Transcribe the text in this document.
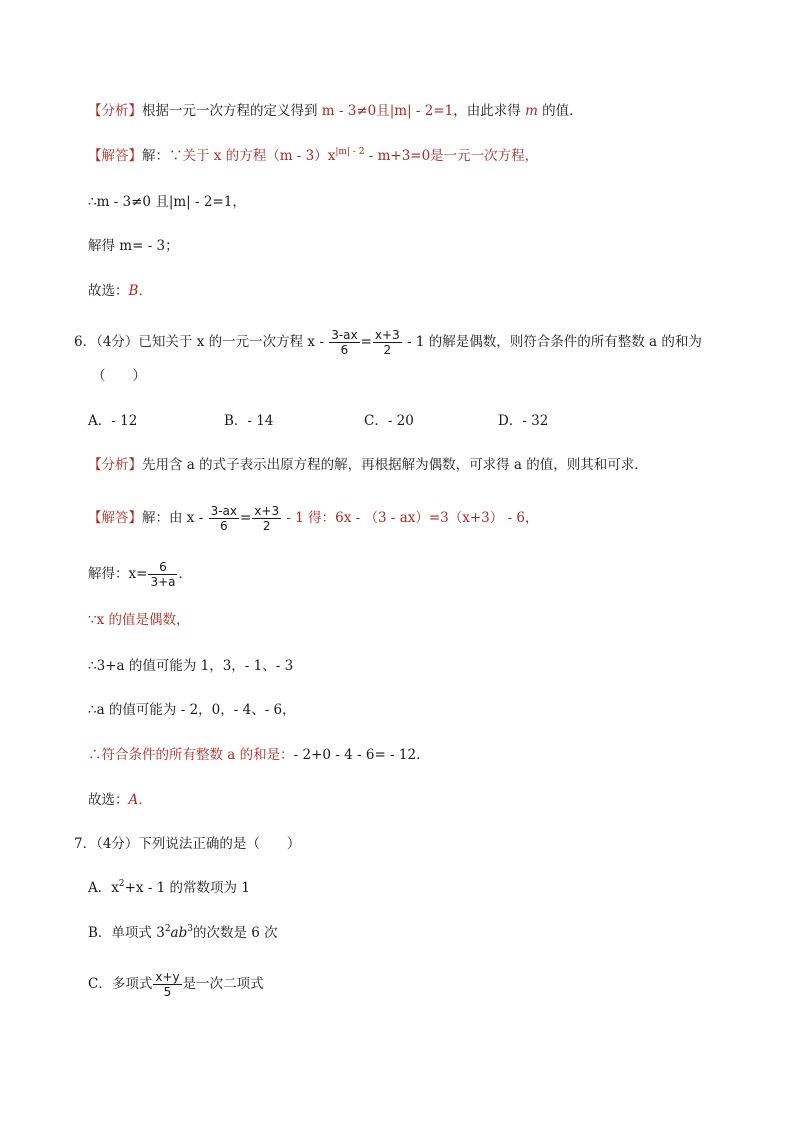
【分析】根据一元一次方程的定义得到 m - 3≠0且|m| - 2=1，由此求得 m 的值．
【解答】解：∵关于 x 的方程$(m - 3)x^{|m| - 2} - m+3=0$是一元一次方程，
∴m - 3≠0 且|m| - 2=1，
解得 m= - 3；
故选：B．
6．（4分）已知关于 x 的一元一次方程 $x - \frac{3-ax}{6} = \frac{x+3}{2} - 1$ 的解是偶数，则符合条件的所有整数 a 的和为
（　　）
A．- 12	B．- 14	C．- 20	D．- 32
【分析】先用含 a 的式子表示出原方程的解，再根据解为偶数，可求得 a 的值，则其和可求．
【解答】解：由 $x - \frac{3-ax}{6} = \frac{x+3}{2} - 1$ 得：6x - （3 - ax）=3（x+3） - 6，
解得：$x= \frac{6}{3+a}$ ．
∵x 的值是偶数，
∴3+a 的值可能为 1，3，- 1、- 3
∴a 的值可能为 - 2，0，- 4、- 6，
∴符合条件的所有整数 a 的和是：- 2+0 - 4 - 6= - 12．
故选：A．
7．（4分）下列说法正确的是（　　）
A．$x^2+x - 1$ 的常数项为 1
B．单项式 $3^2ab^3$的次数是 6 次
C．多项式 $\frac{x+y}{5}$ 是一次二项式
